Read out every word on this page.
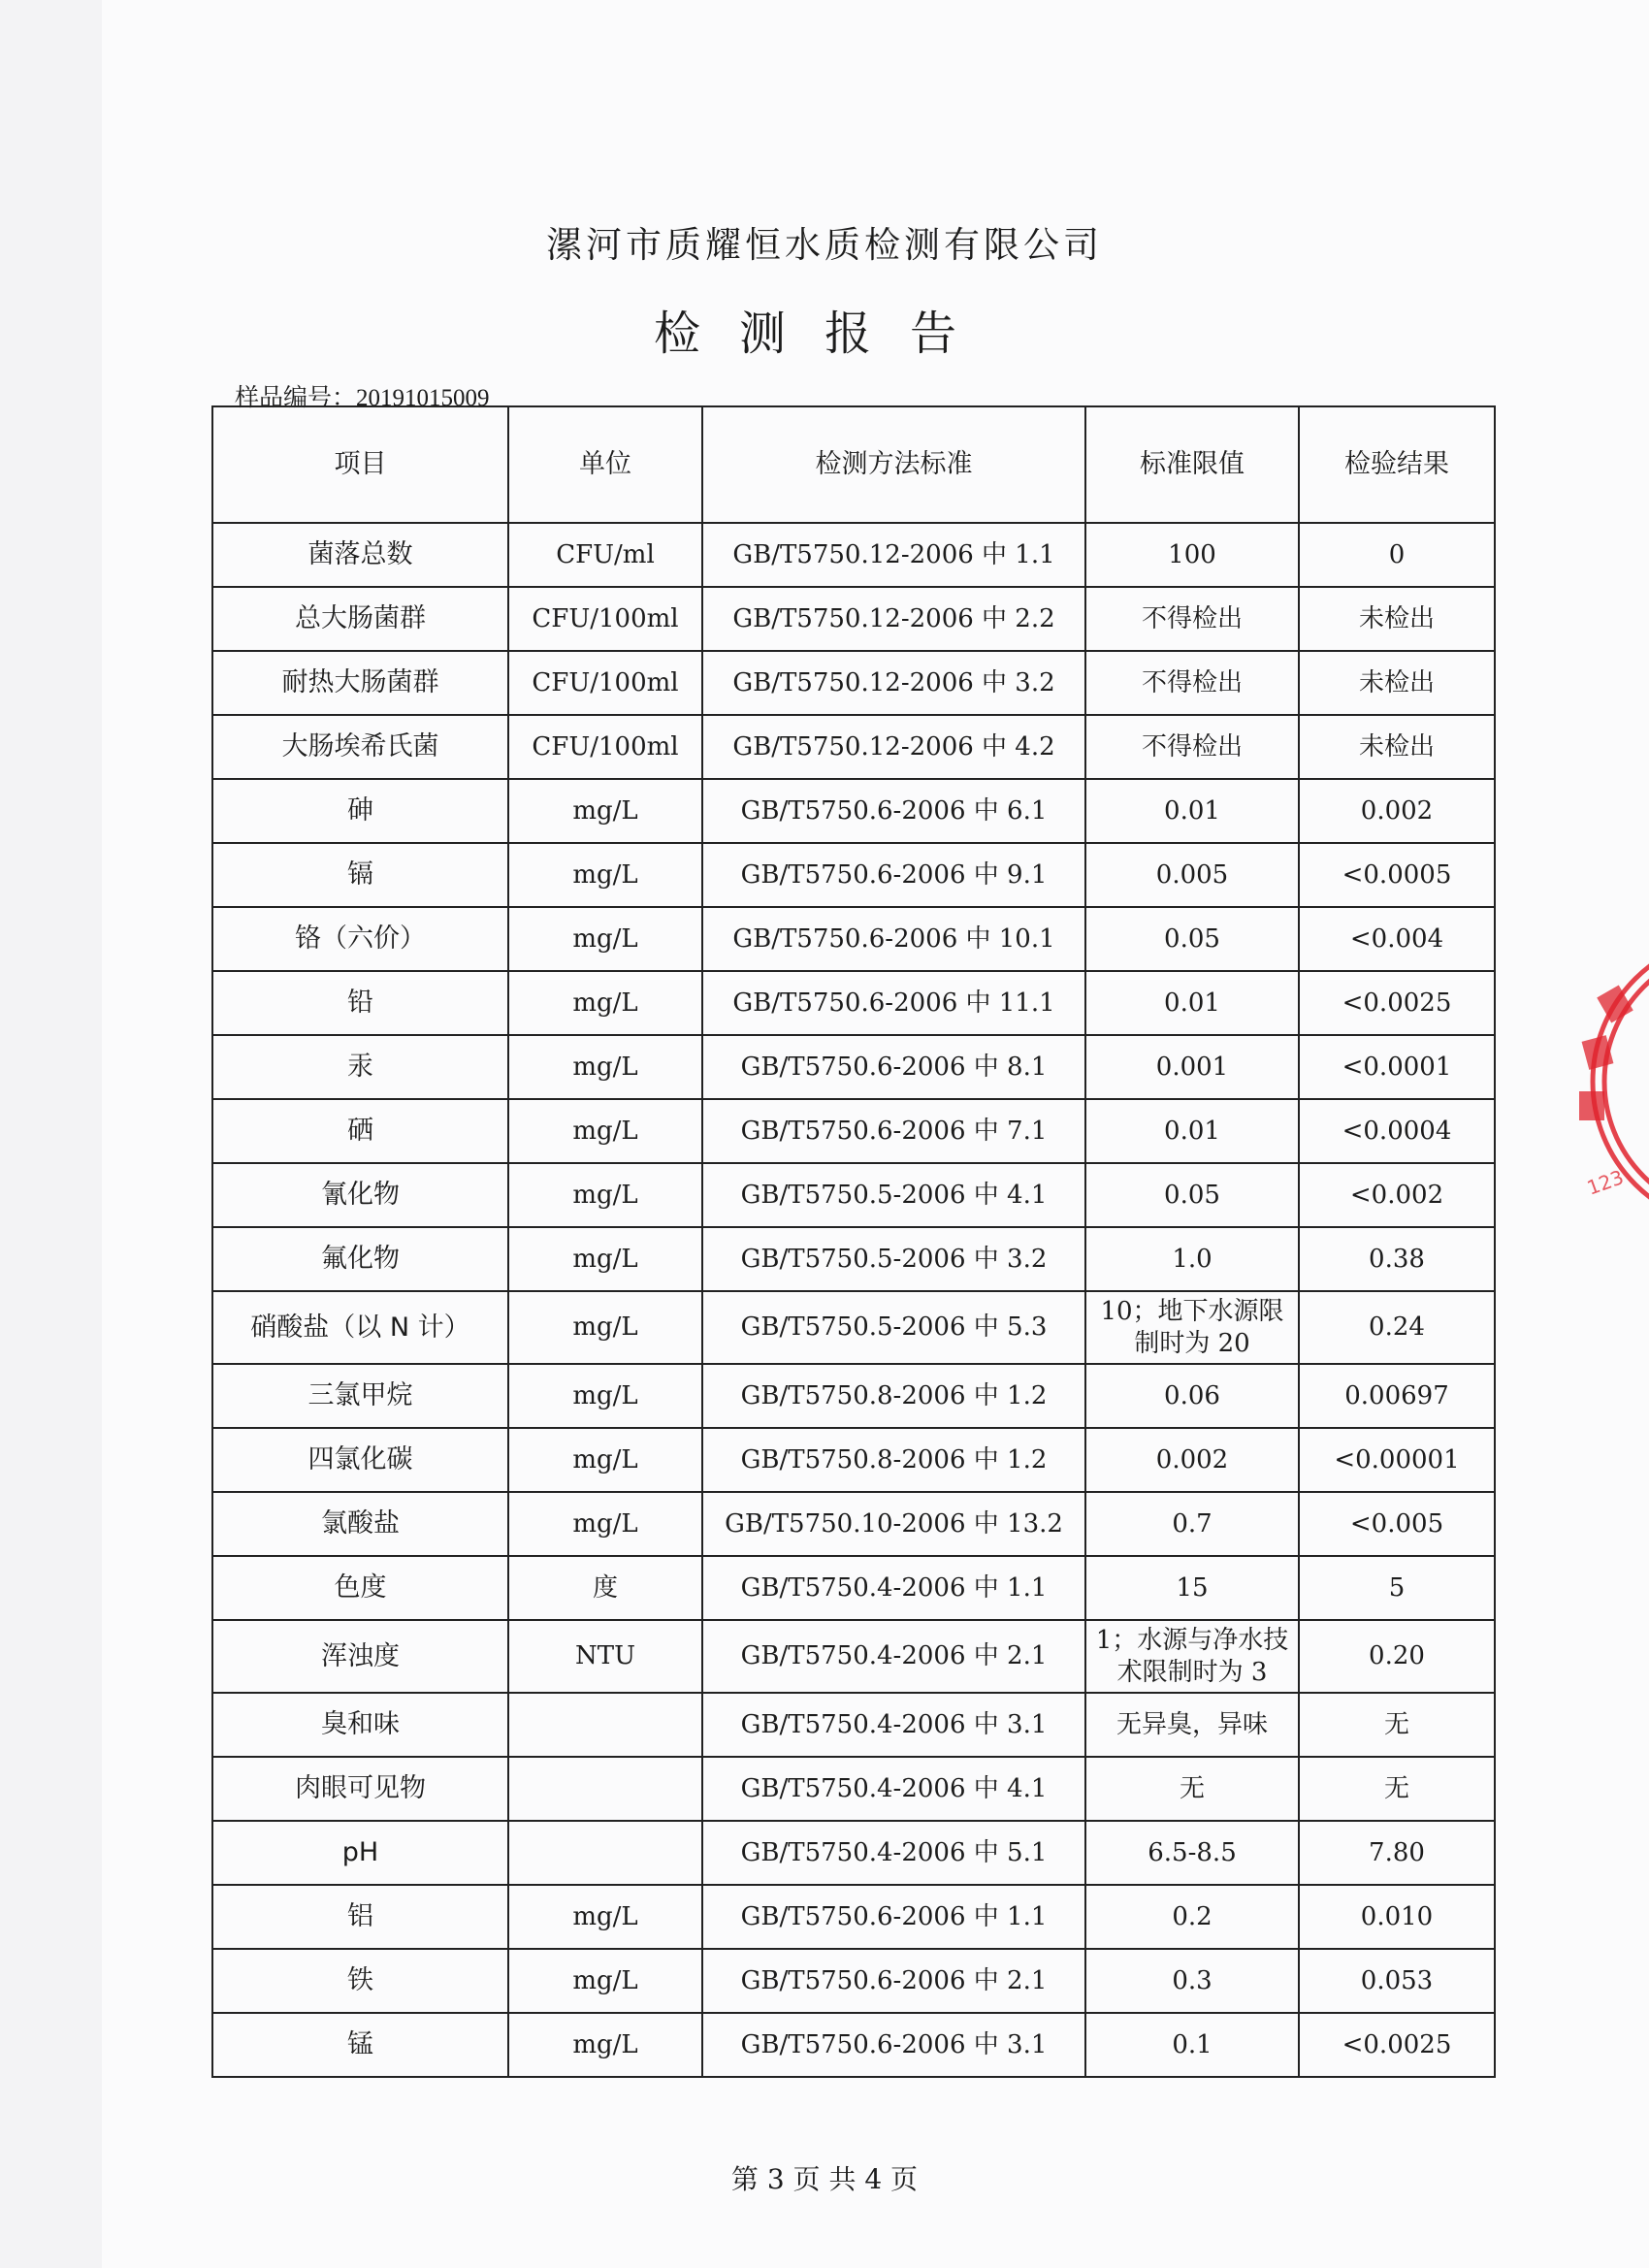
漯河市质耀恒水质检测有限公司
检测报告
样品编号：20191015009
项目	单位	检测方法标准	标准限值	检验结果
菌落总数	CFU/ml	GB/T5750.12-2006 中 1.1	100	0
总大肠菌群	CFU/100ml	GB/T5750.12-2006 中 2.2	不得检出	未检出
耐热大肠菌群	CFU/100ml	GB/T5750.12-2006 中 3.2	不得检出	未检出
大肠埃希氏菌	CFU/100ml	GB/T5750.12-2006 中 4.2	不得检出	未检出
砷	mg/L	GB/T5750.6-2006 中 6.1	0.01	0.002
镉	mg/L	GB/T5750.6-2006 中 9.1	0.005	<0.0005
铬（六价）	mg/L	GB/T5750.6-2006 中 10.1	0.05	<0.004
铅	mg/L	GB/T5750.6-2006 中 11.1	0.01	<0.0025
汞	mg/L	GB/T5750.6-2006 中 8.1	0.001	<0.0001
硒	mg/L	GB/T5750.6-2006 中 7.1	0.01	<0.0004
氰化物	mg/L	GB/T5750.5-2006 中 4.1	0.05	<0.002
氟化物	mg/L	GB/T5750.5-2006 中 3.2	1.0	0.38
硝酸盐（以 N 计）	mg/L	GB/T5750.5-2006 中 5.3	10；地下水源限制时为 20	0.24
三氯甲烷	mg/L	GB/T5750.8-2006 中 1.2	0.06	0.00697
四氯化碳	mg/L	GB/T5750.8-2006 中 1.2	0.002	<0.00001
氯酸盐	mg/L	GB/T5750.10-2006 中 13.2	0.7	<0.005
色度	度	GB/T5750.4-2006 中 1.1	15	5
浑浊度	NTU	GB/T5750.4-2006 中 2.1	1；水源与净水技术限制时为 3	0.20
臭和味		GB/T5750.4-2006 中 3.1	无异臭，异味	无
肉眼可见物		GB/T5750.4-2006 中 4.1	无	无
pH		GB/T5750.4-2006 中 5.1	6.5-8.5	7.80
铝	mg/L	GB/T5750.6-2006 中 1.1	0.2	0.010
铁	mg/L	GB/T5750.6-2006 中 2.1	0.3	0.053
锰	mg/L	GB/T5750.6-2006 中 3.1	0.1	<0.0025
123
第 3 页 共 4 页
